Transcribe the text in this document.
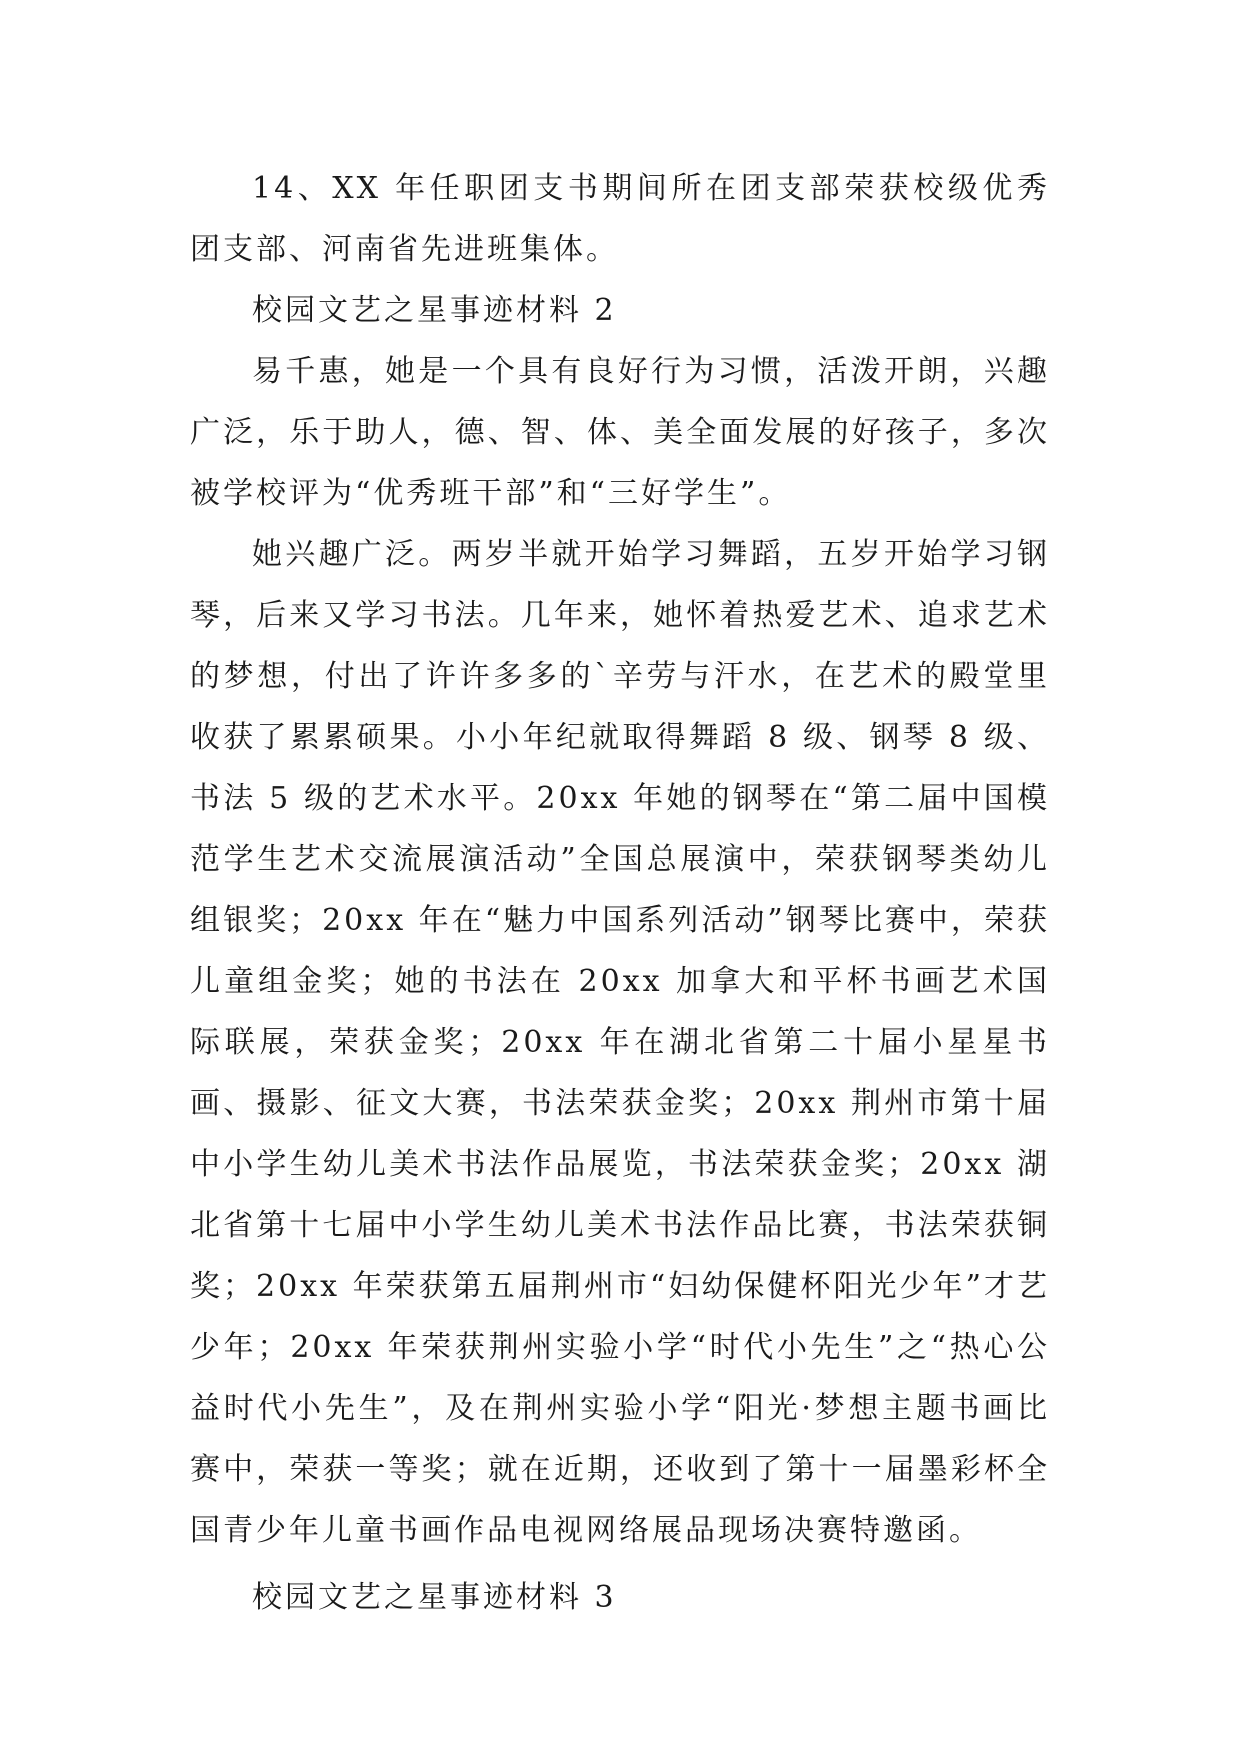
14、XX 年任职团支书期间所在团支部荣获校级优秀团支部、河南省先进班集体。

校园文艺之星事迹材料 2

易千惠，她是一个具有良好行为习惯，活泼开朗，兴趣广泛，乐于助人，德、智、体、美全面发展的好孩子，多次被学校评为“优秀班干部”和“三好学生”。

她兴趣广泛。两岁半就开始学习舞蹈，五岁开始学习钢琴，后来又学习书法。几年来，她怀着热爱艺术、追求艺术的梦想，付出了许许多多的`辛劳与汗水，在艺术的殿堂里收获了累累硕果。小小年纪就取得舞蹈 8 级、钢琴 8 级、书法 5 级的艺术水平。20xx 年她的钢琴在“第二届中国模范学生艺术交流展演活动”全国总展演中，荣获钢琴类幼儿组银奖；20xx 年在“魅力中国系列活动”钢琴比赛中，荣获儿童组金奖；她的书法在 20xx 加拿大和平杯书画艺术国际联展，荣获金奖；20xx 年在湖北省第二十届小星星书画、摄影、征文大赛，书法荣获金奖；20xx 荆州市第十届中小学生幼儿美术书法作品展览，书法荣获金奖；20xx 湖北省第十七届中小学生幼儿美术书法作品比赛，书法荣获铜奖；20xx 年荣获第五届荆州市“妇幼保健杯阳光少年”才艺少年；20xx 年荣获荆州实验小学“时代小先生”之“热心公益时代小先生”，及在荆州实验小学“阳光·梦想主题书画比赛中，荣获一等奖；就在近期，还收到了第十一届墨彩杯全国青少年儿童书画作品电视网络展品现场决赛特邀函。

校园文艺之星事迹材料 3
